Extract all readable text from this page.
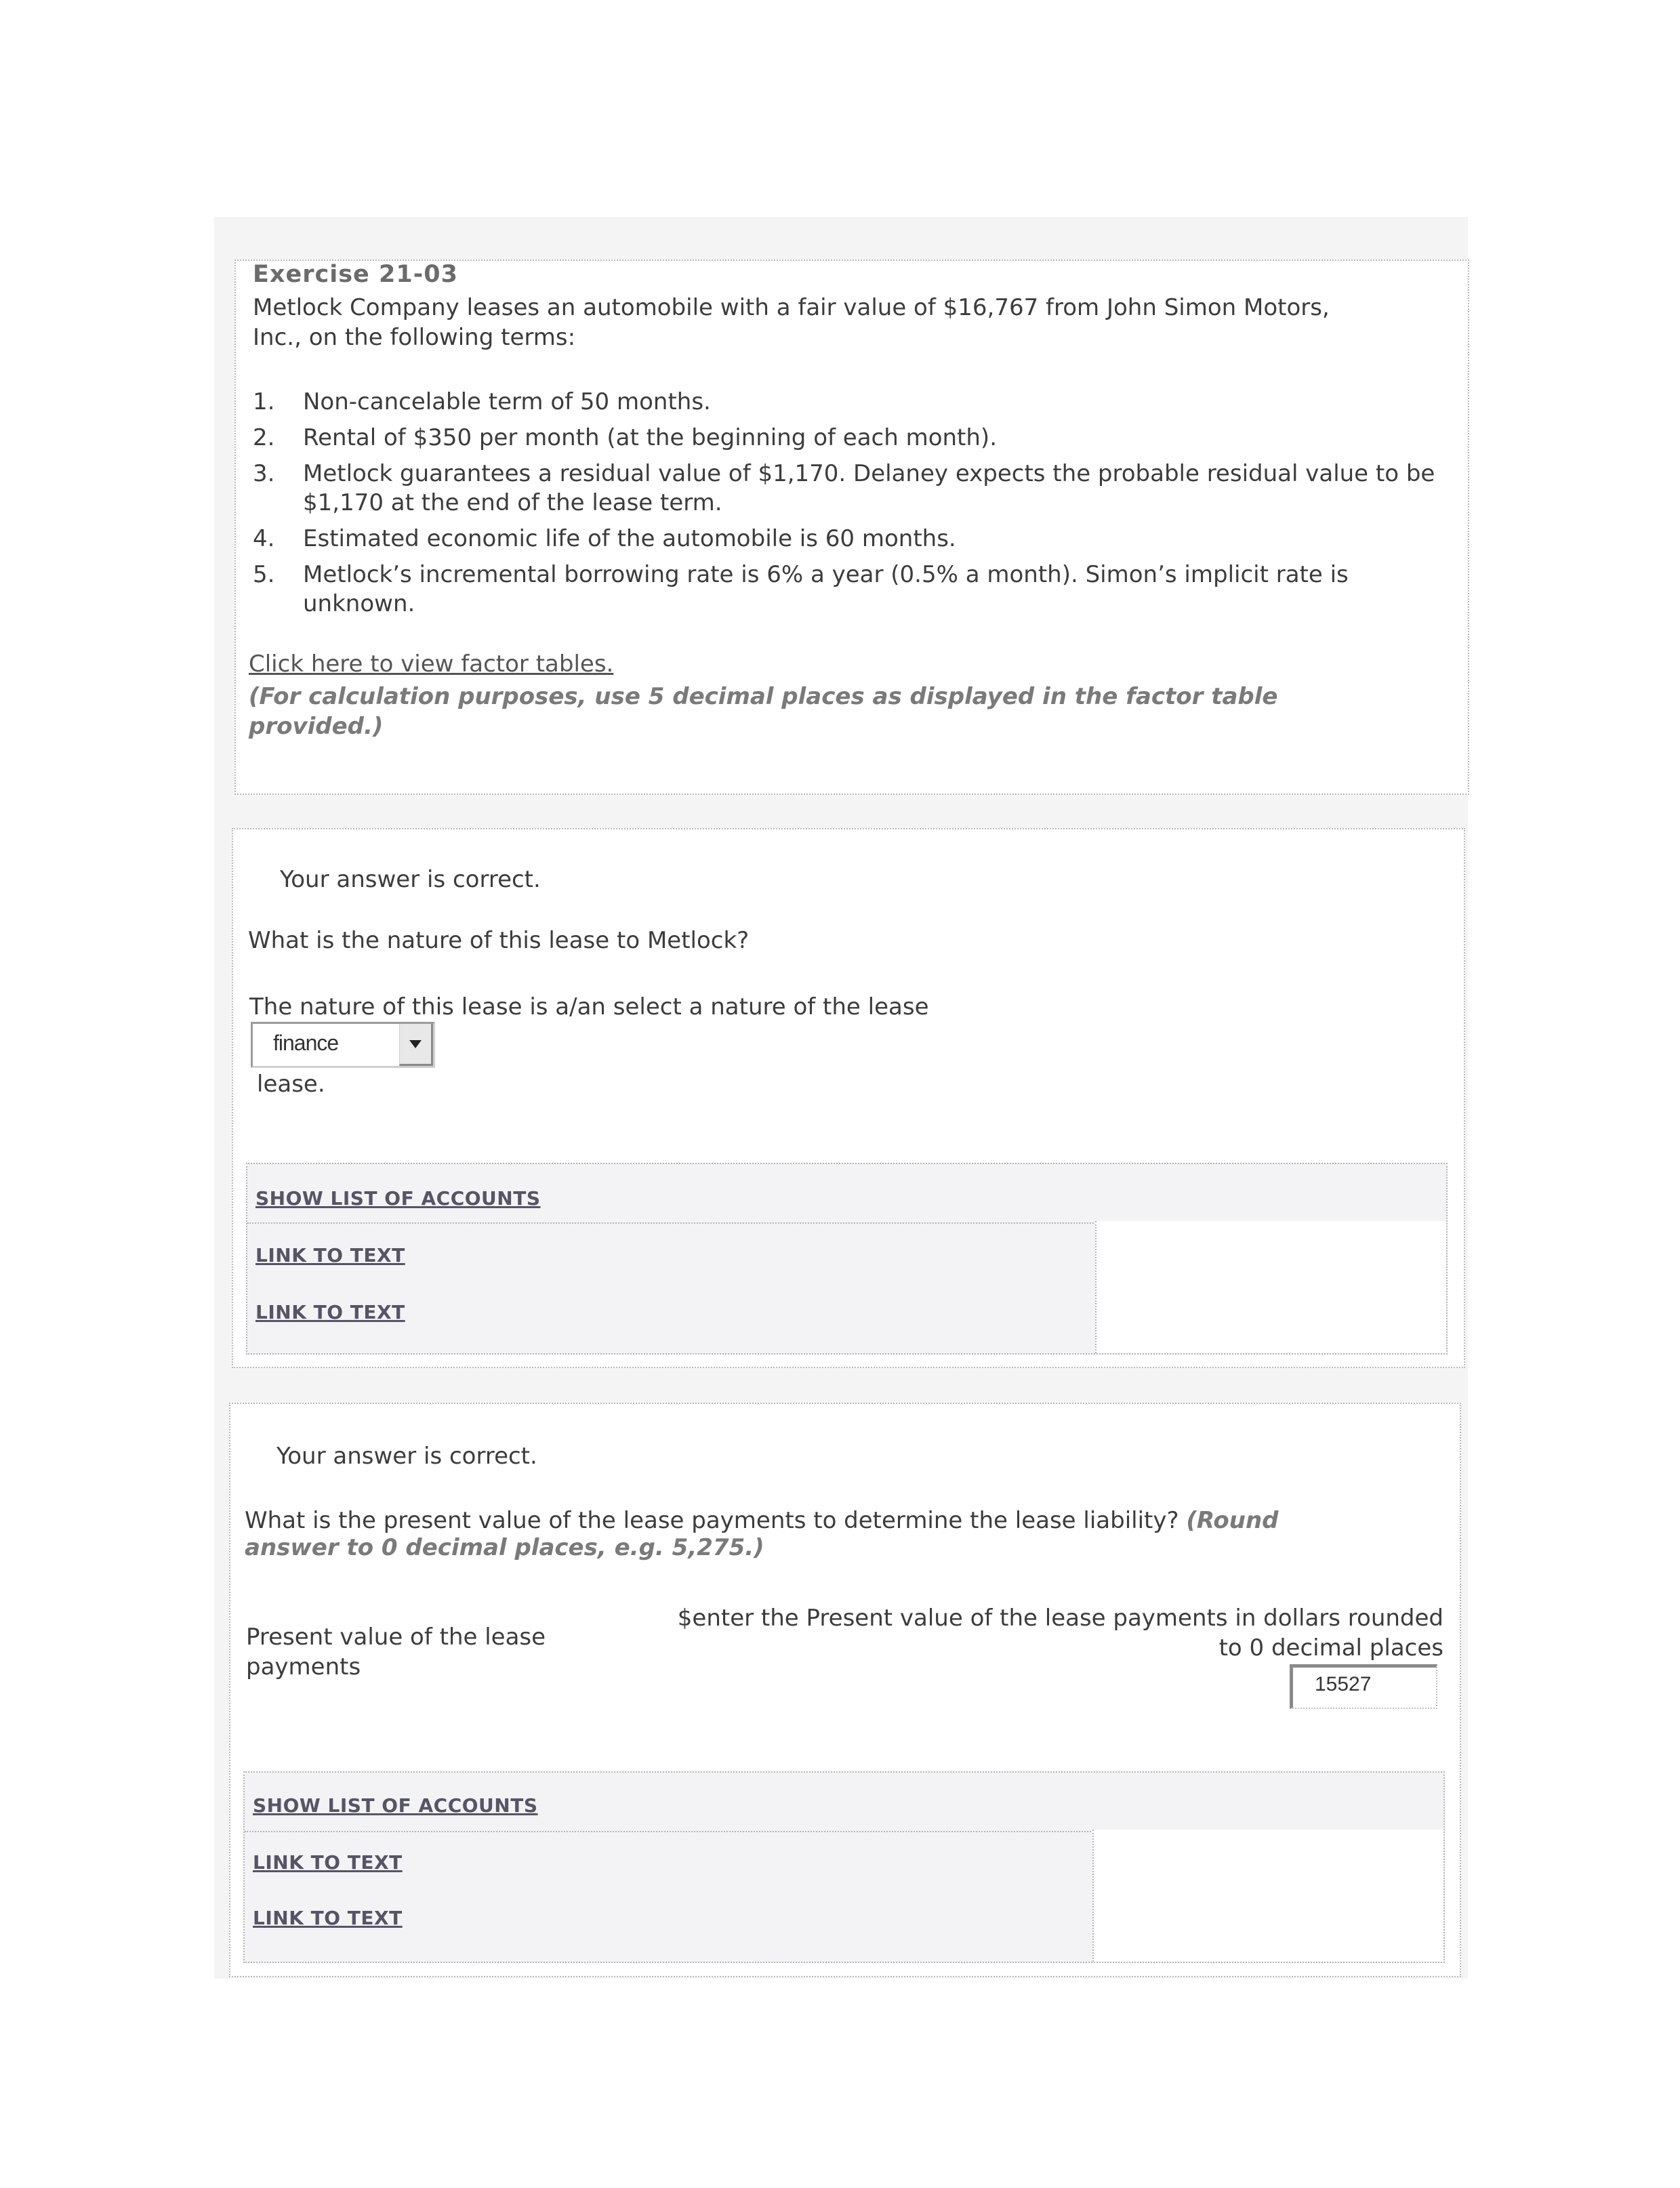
Exercise 21-03
Metlock Company leases an automobile with a fair value of $16,767 from John Simon Motors,
Inc., on the following terms:
1. Non-cancelable term of 50 months.
2. Rental of $350 per month (at the beginning of each month).
3. Metlock guarantees a residual value of $1,170. Delaney expects the probable residual value to be $1,170 at the end of the lease term.
4. Estimated economic life of the automobile is 60 months.
5. Metlock’s incremental borrowing rate is 6% a year (0.5% a month). Simon’s implicit rate is unknown.
Click here to view factor tables.
(For calculation purposes, use 5 decimal places as displayed in the factor table provided.)
Your answer is correct.
What is the nature of this lease to Metlock?
The nature of this lease is a/an select a nature of the lease
finance
lease.
SHOW LIST OF ACCOUNTS
LINK TO TEXT
LINK TO TEXT
Your answer is correct.
What is the present value of the lease payments to determine the lease liability? (Round
answer to 0 decimal places, e.g. 5,275.)
Present value of the lease payments
$enter the Present value of the lease payments in dollars rounded
to 0 decimal places
15527
SHOW LIST OF ACCOUNTS
LINK TO TEXT
LINK TO TEXT
